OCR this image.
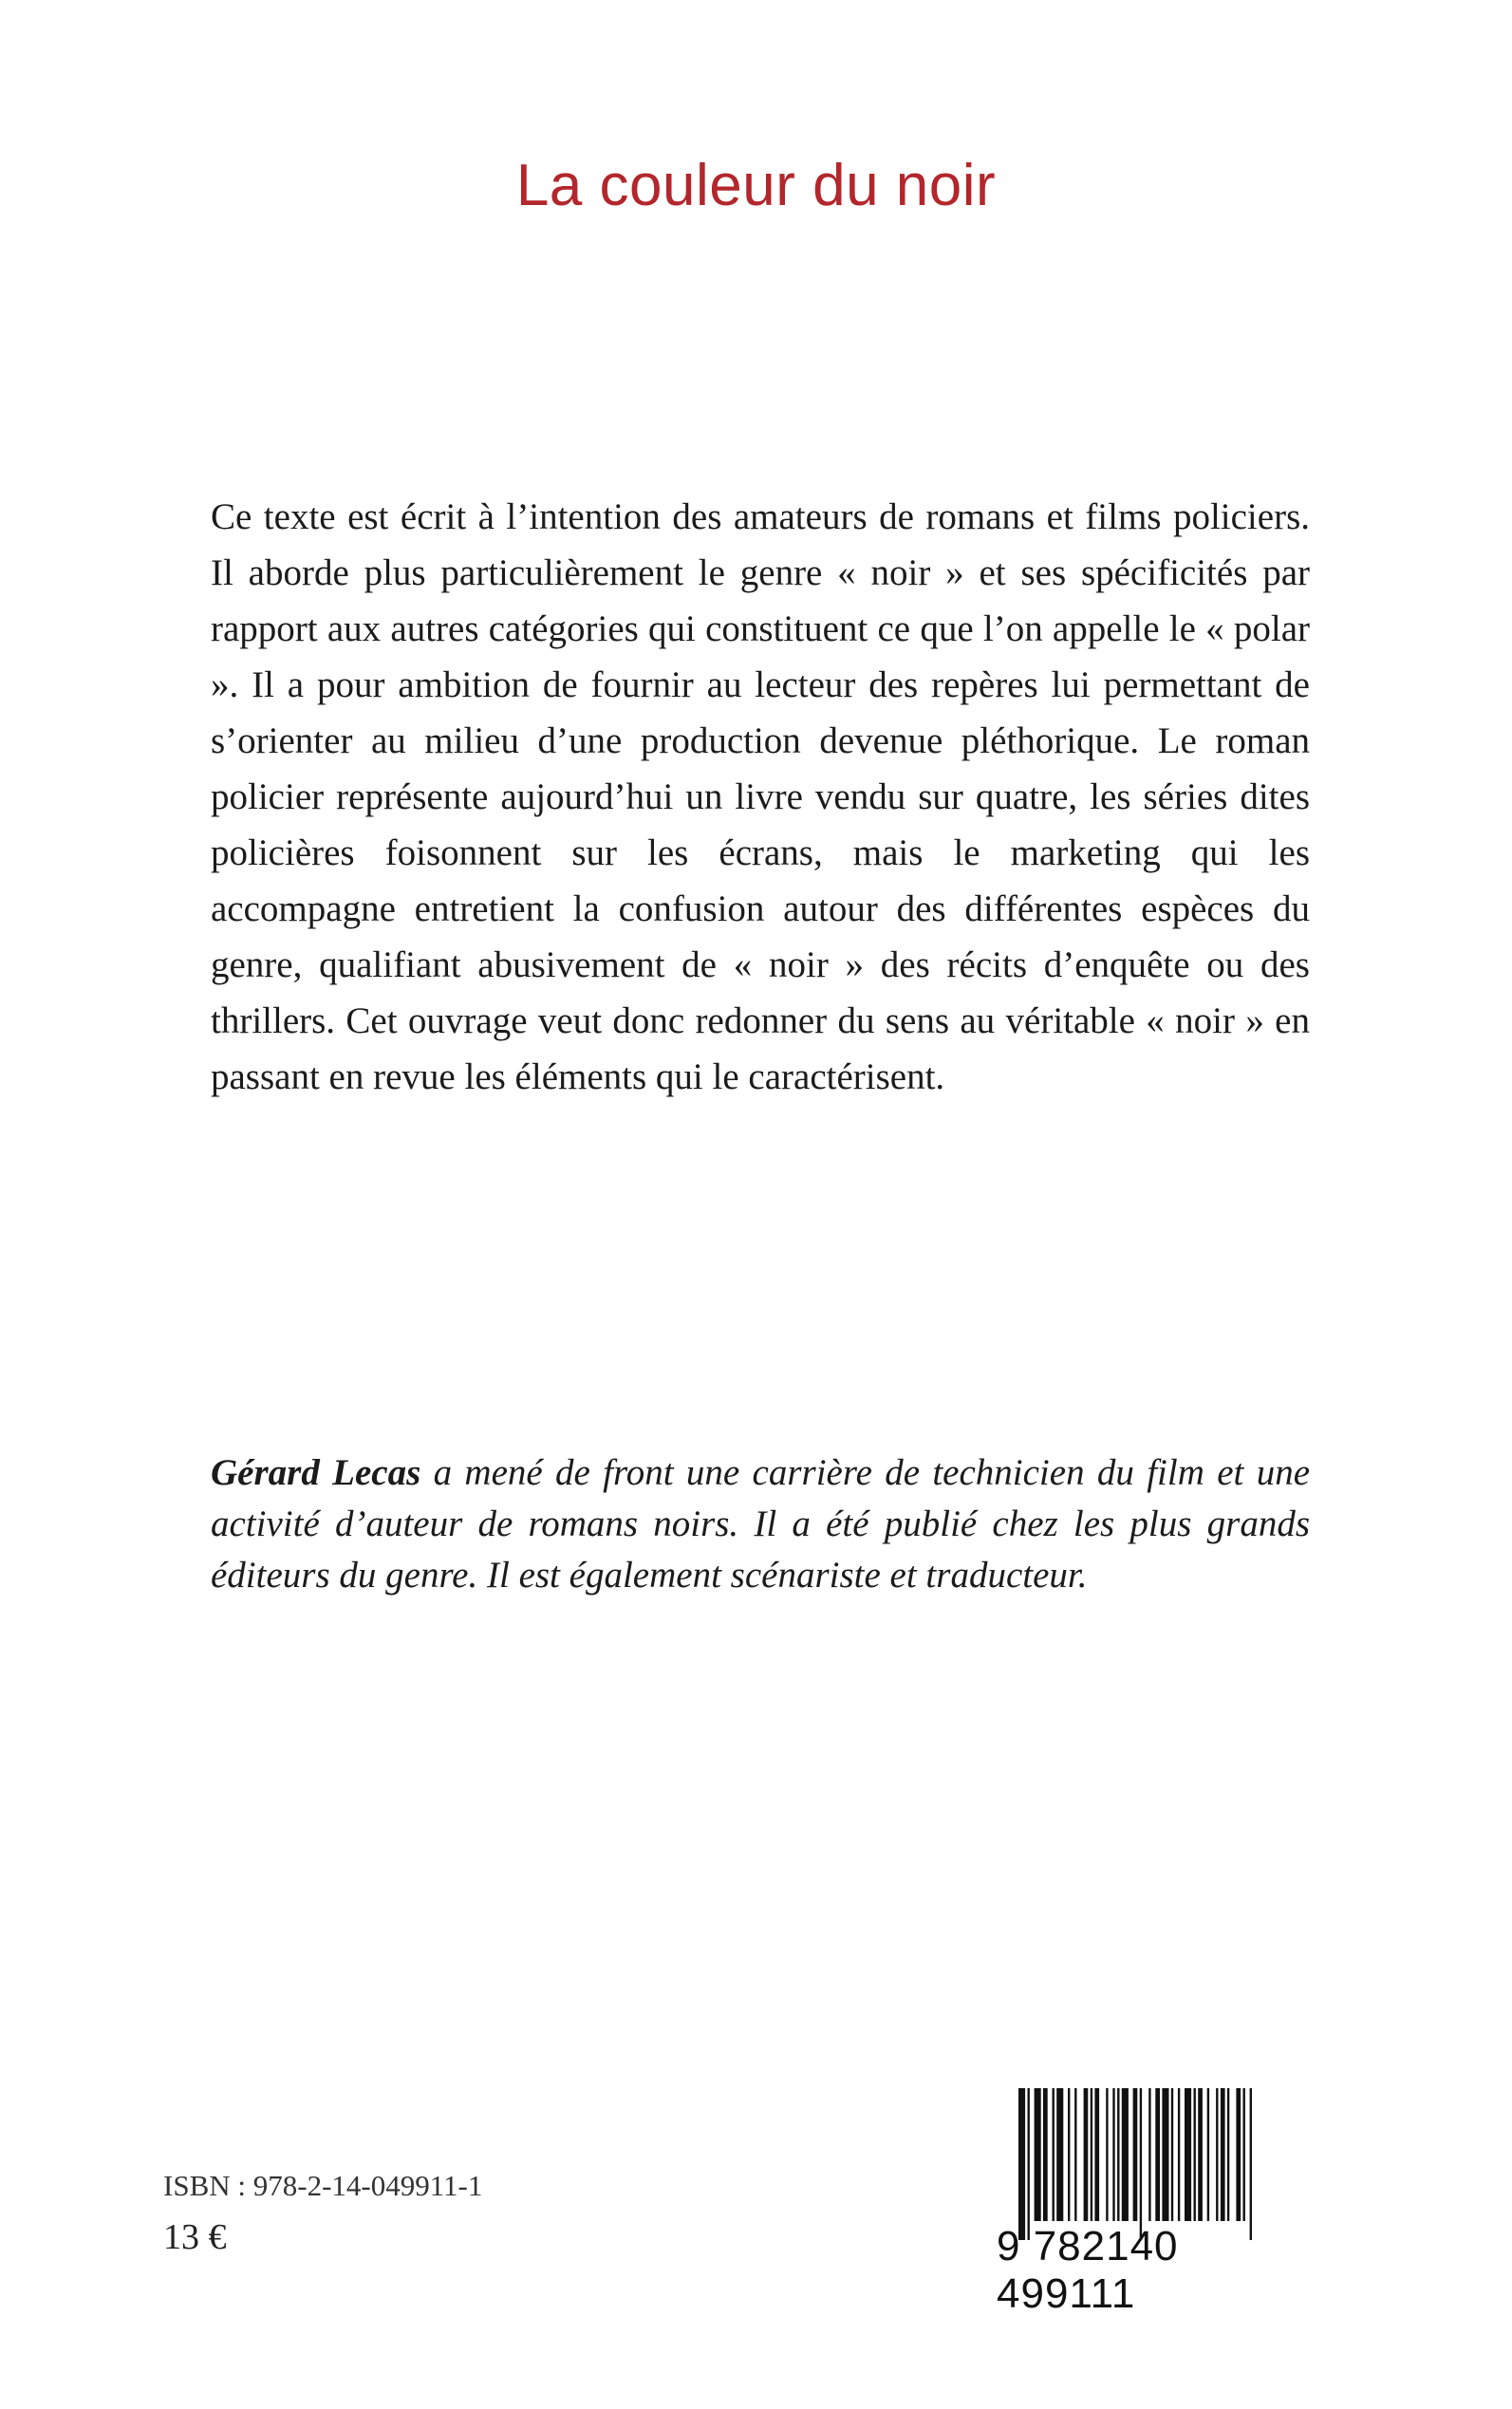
La couleur du noir

Ce texte est écrit à l’intention des amateurs de romans et films policiers. Il aborde plus particulièrement le genre « noir » et ses spécificités par rapport aux autres catégories qui constituent ce que l’on appelle le « polar ». Il a pour ambition de fournir au lecteur des repères lui permettant de s’orienter au milieu d’une production devenue pléthorique. Le roman policier représente aujourd’hui un livre vendu sur quatre, les séries dites policières foisonnent sur les écrans, mais le marketing qui les accompagne entretient la confusion autour des différentes espèces du genre, qualifiant abusivement de « noir » des récits d’enquête ou des thrillers. Cet ouvrage veut donc redonner du sens au véritable « noir » en passant en revue les éléments qui le caractérisent.

Gérard Lecas a mené de front une carrière de technicien du film et une activité d’auteur de romans noirs. Il a été publié chez les plus grands éditeurs du genre. Il est également scénariste et traducteur.

ISBN : 978-2-14-049911-1

13 €	9 782140 499111
